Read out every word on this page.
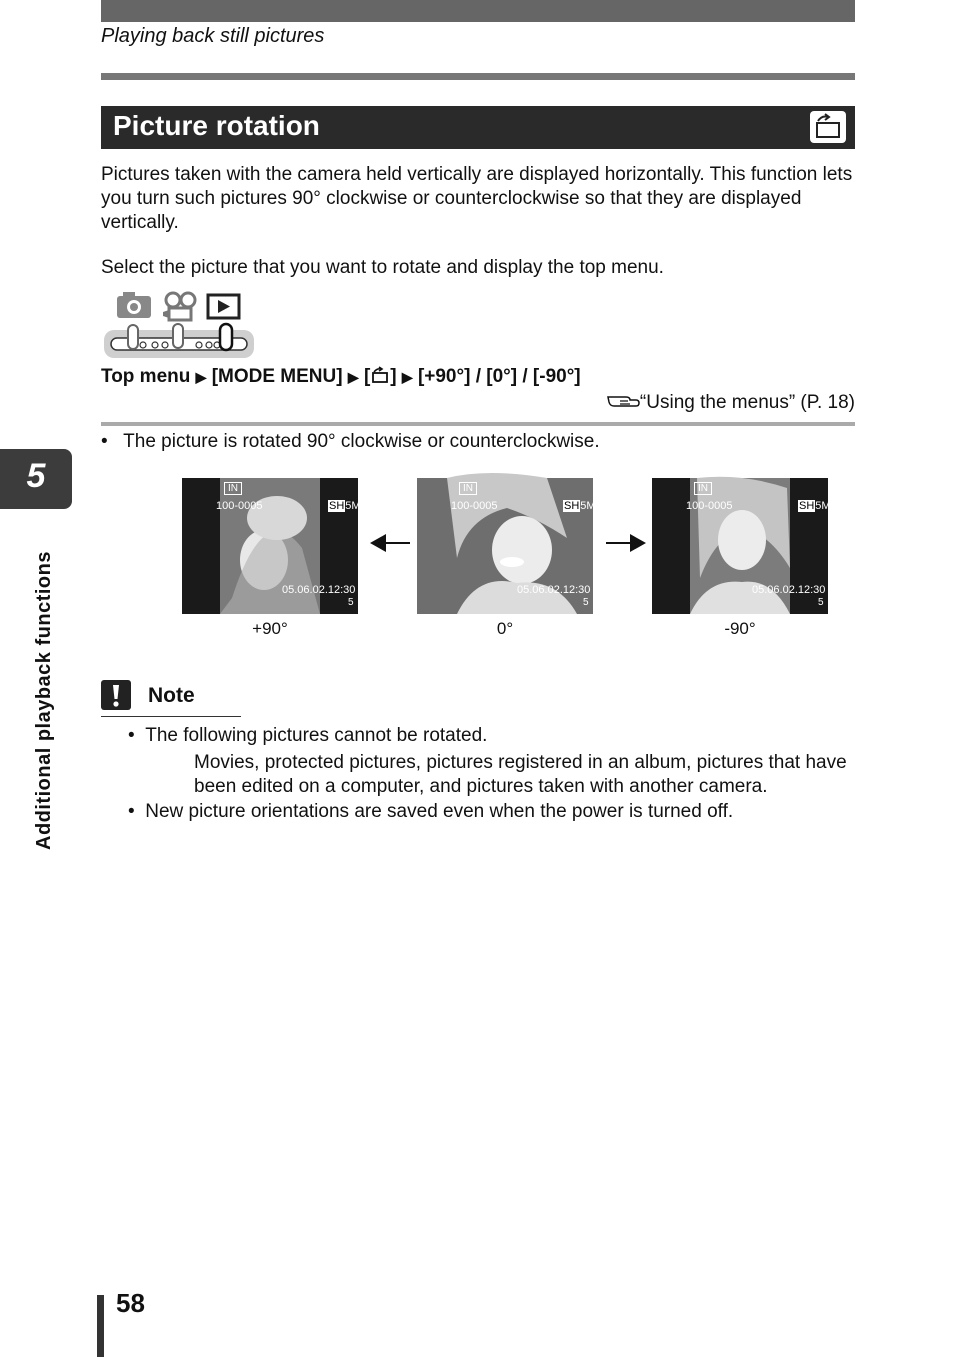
Playing back still pictures
Picture rotation
Pictures taken with the camera held vertically are displayed horizontally. This function lets you turn such pictures 90° clockwise or counterclockwise so that they are displayed vertically.
Select the picture that you want to rotate and display the top menu.
Top menu ▶ [MODE MENU] ▶ [ ] ▶ [+90°] / [0°] / [-90°]
“Using the menus” (P. 18)
•   The picture is rotated 90° clockwise or counterclockwise.
IN
100-0005	SH5M
05.06.02.12:30
5
+90°
IN
100-0005	SH5M
05.06.02.12:30
5
0°
IN
100-0005	SH5M
05.06.02.12:30
5
-90°
Note
•  The following pictures cannot be rotated.
Movies, protected pictures, pictures registered in an album, pictures that have been edited on a computer, and pictures taken with another camera.
•  New picture orientations are saved even when the power is turned off.
5
Additional playback functions
58
